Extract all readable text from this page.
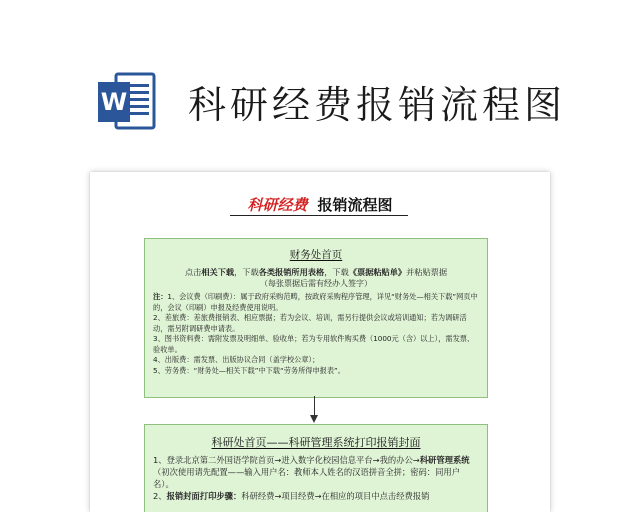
W 科研经费报销流程图
科研经费 报销流程图
财务处首页
点击相关下载，下载各类报销所用表格，下载《票据粘贴单》并粘贴票据
（每张票据后需有经办人签字）

注：1、会议费（印刷费）：属于政府采购范畴，按政府采购程序管理，详见“财务处—相关下载”网页中的，会议（印刷）申报及经费使用说明。

2、差旅费：差旅费报销表、相应票据；若为会议、培训，需另行提供会议或培训通知；若为调研活动，需另附调研费申请表。

3、图书资料费：需附发票及明细单、验收单；若为专用软件购买费（1000元（含）以上），需发票、验收单。

4、出版费：需发票、出版协议合同（盖学校公章）；

5、劳务费：“财务处—相关下载”中下载“劳务所得申报表”。

科研处首页——科研管理系统打印报销封面

1、登录北京第二外国语学院首页→进入数字化校园信息平台→我的办公→科研管理系统（初次使用请先配置——输入用户名：教师本人姓名的汉语拼音全拼；密码：同用户名）。

2、报销封面打印步骤：科研经费→项目经费→在相应的项目中点击经费报销
